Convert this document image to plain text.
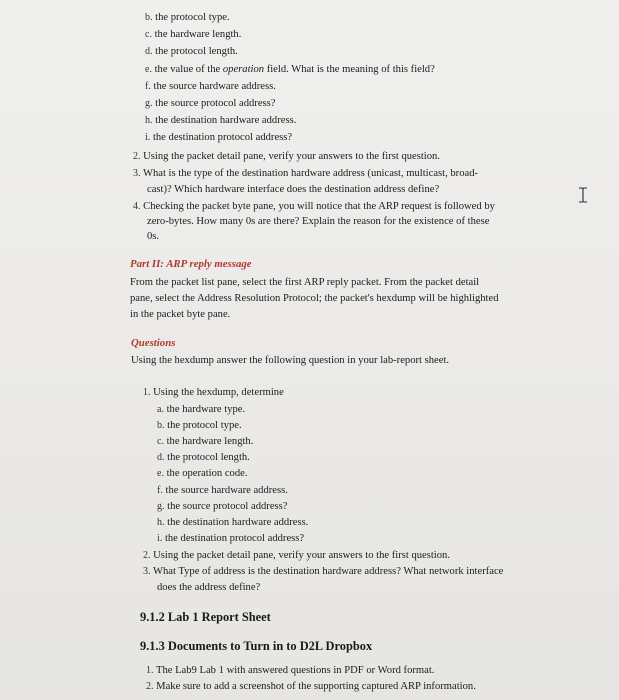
b. the protocol type.
c. the hardware length.
d. the protocol length.
e. the value of the operation field. What is the meaning of this field?
f. the source hardware address.
g. the source protocol address?
h. the destination hardware address.
i. the destination protocol address?
2. Using the packet detail pane, verify your answers to the first question.
3. What is the type of the destination hardware address (unicast, multicast, broad-
cast)? Which hardware interface does the destination address define?
4. Checking the packet byte pane, you will notice that the ARP request is followed by
zero-bytes. How many 0s are there? Explain the reason for the existence of these
0s.
Part II: ARP reply message
From the packet list pane, select the first ARP reply packet. From the packet detail
pane, select the Address Resolution Protocol; the packet's hexdump will be highlighted
in the packet byte pane.
Questions
Using the hexdump answer the following question in your lab-report sheet.
1. Using the hexdump, determine
a. the hardware type.
b. the protocol type.
c. the hardware length.
d. the protocol length.
e. the operation code.
f. the source hardware address.
g. the source protocol address?
h. the destination hardware address.
i. the destination protocol address?
2. Using the packet detail pane, verify your answers to the first question.
3. What Type of address is the destination hardware address? What network interface
does the address define?
9.1.2 Lab 1 Report Sheet
9.1.3 Documents to Turn in to D2L Dropbox
1. The Lab9 Lab 1 with answered questions in PDF or Word format.
2. Make sure to add a screenshot of the supporting captured ARP information.
